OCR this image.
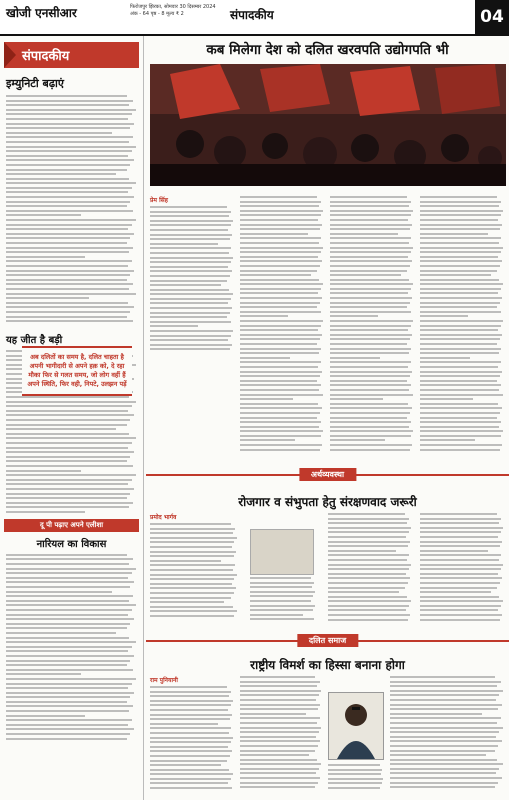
खोजी एनसीआर	फिरोजपुर झिरका, सोमवार 30 दिसम्बर 2024
अंक - 64 पृष्ठ - 8 मूल्य ₹ 2	संपादकीय	04
संपादकीय
इम्युनिटी बढ़ाएं
यह जीत है बड़ी
दू पी पढ़ाए अपने एलीशा
नारियल का विकास
कब मिलेगा देश को दलित खरवपति उद्योगपति भी
प्रेम सिंह
अब दलितों का समय है, दलित चाहता है अपनी भागीदारी से अपने हक़ को, दे रहा मौका फिर से गलत समय, जो लोग वहीं हैं अपने स्थिति, फिर वही, निपटे, उलझन पड़ें
अर्थव्यवस्था
रोजगार व संभुपता हेतु संरक्षणवाद जरूरी
प्रमोद भार्गव
दलित समाज
राष्ट्रीय विमर्श का हिस्सा बनाना होगा
राम पुनियानी
